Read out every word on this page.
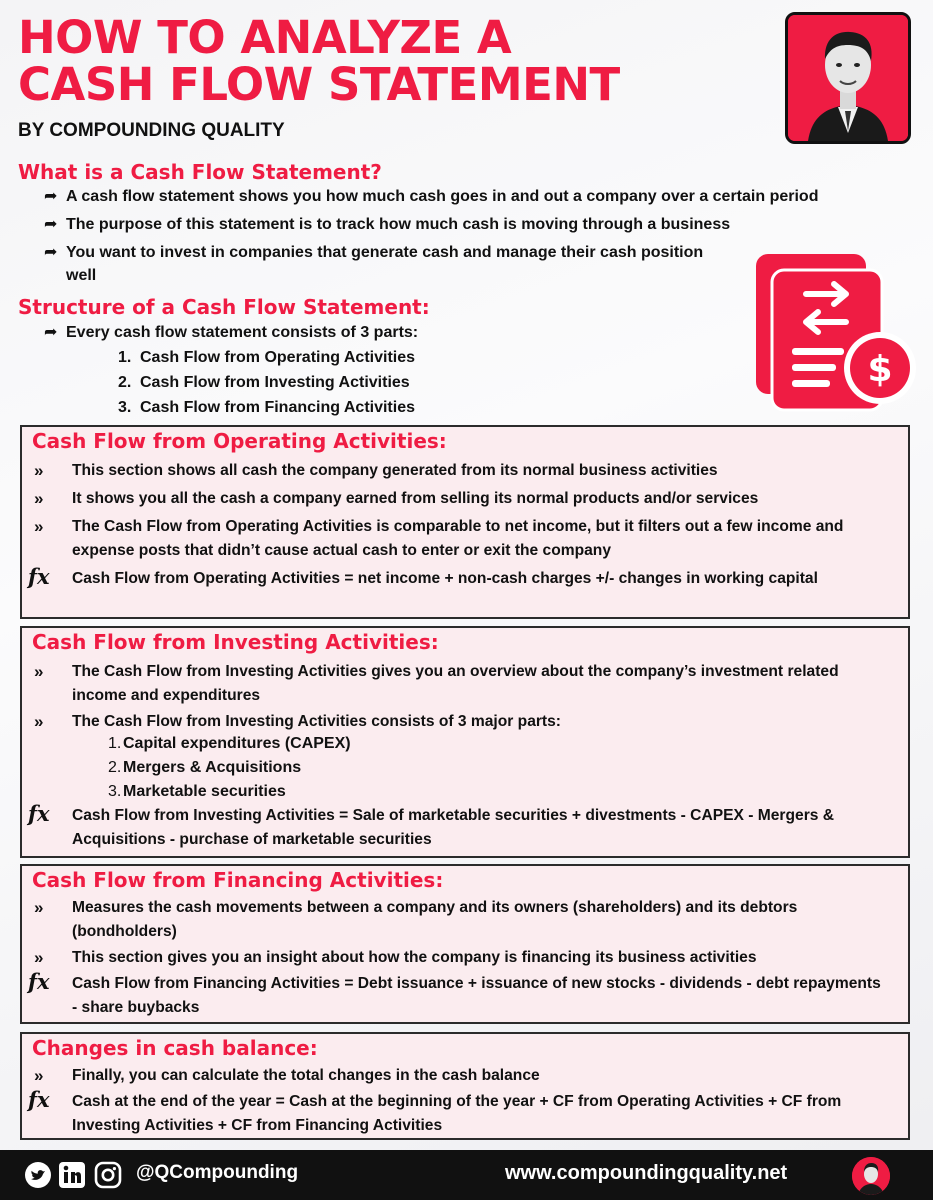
HOW TO ANALYZE A
CASH FLOW STATEMENT
BY COMPOUNDING QUALITY
What is a Cash Flow Statement?
➦ A cash flow statement shows you how much cash goes in and out a company over a certain period
➦ The purpose of this statement is to track how much cash is moving through a business
➦ You want to invest in companies that generate cash and manage their cash position well
Structure of a Cash Flow Statement:
➦ Every cash flow statement consists of 3 parts:
1. Cash Flow from Operating Activities
2. Cash Flow from Investing Activities
3. Cash Flow from Financing Activities
$
Cash Flow from Operating Activities:
»	This section shows all cash the company generated from its normal business activities
»	It shows you all the cash a company earned from selling its normal products and/or services
»	The Cash Flow from Operating Activities is comparable to net income, but it filters out a few income and expense posts that didn’t cause actual cash to enter or exit the company
fx	Cash Flow from Operating Activities = net income + non-cash charges +/- changes in working capital
Cash Flow from Investing Activities:
»	The Cash Flow from Investing Activities gives you an overview about the company’s investment related income and expenditures
»	The Cash Flow from Investing Activities consists of 3 major parts:
1. Capital expenditures (CAPEX)
2. Mergers & Acquisitions
3. Marketable securities
fx	Cash Flow from Investing Activities = Sale of marketable securities + divestments - CAPEX - Mergers & Acquisitions - purchase of marketable securities
Cash Flow from Financing Activities:
»	Measures the cash movements between a company and its owners (shareholders) and its debtors (bondholders)
»	This section gives you an insight about how the company is financing its business activities
fx	Cash Flow from Financing Activities = Debt issuance + issuance of new stocks - dividends - debt repayments - share buybacks
Changes in cash balance:
»	Finally, you can calculate the total changes in the cash balance
fx	Cash at the end of the year = Cash at the beginning of the year + CF from Operating Activities + CF from Investing Activities + CF from Financing Activities
@QCompounding	www.compoundingquality.net
